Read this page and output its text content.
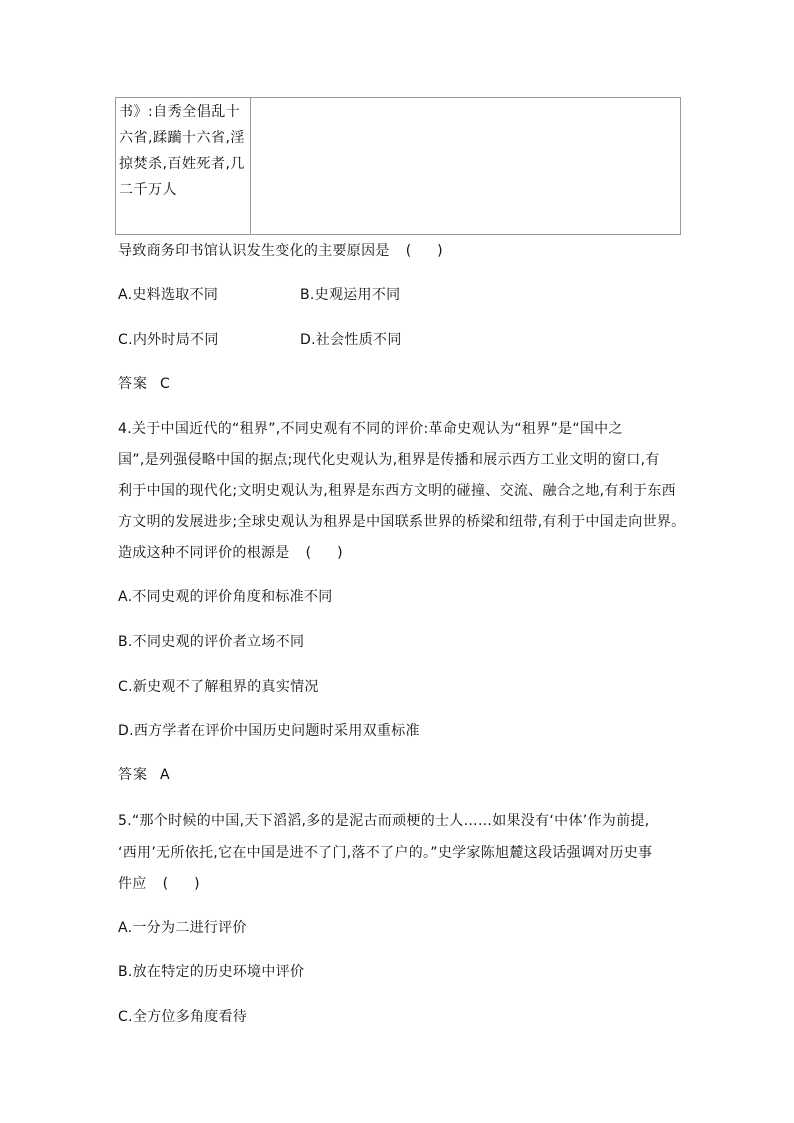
书》:自秀全倡乱十
六省,蹂躏十六省,淫
掠焚杀,百姓死者,几
二千万人

导致商务印书馆认识发生变化的主要原因是 (　)
A.史料选取不同	B.史观运用不同
C.内外时局不同	D.社会性质不同
答案 C
4.关于中国近代的“租界”,不同史观有不同的评价:革命史观认为“租界”是“国中之
国”,是列强侵略中国的据点;现代化史观认为,租界是传播和展示西方工业文明的窗口,有
利于中国的现代化;文明史观认为,租界是东西方文明的碰撞、交流、融合之地,有利于东西
方文明的发展进步;全球史观认为租界是中国联系世界的桥梁和纽带,有利于中国走向世界。
造成这种不同评价的根源是 (　)
A.不同史观的评价角度和标准不同
B.不同史观的评价者立场不同
C.新史观不了解租界的真实情况
D.西方学者在评价中国历史问题时采用双重标准
答案 A
5.“那个时候的中国,天下滔滔,多的是泥古而顽梗的士人……如果没有‘中体’作为前提,
‘西用’无所依托,它在中国是进不了门,落不了户的。”史学家陈旭麓这段话强调对历史事
件应 (　)
A.一分为二进行评价
B.放在特定的历史环境中评价
C.全方位多角度看待
